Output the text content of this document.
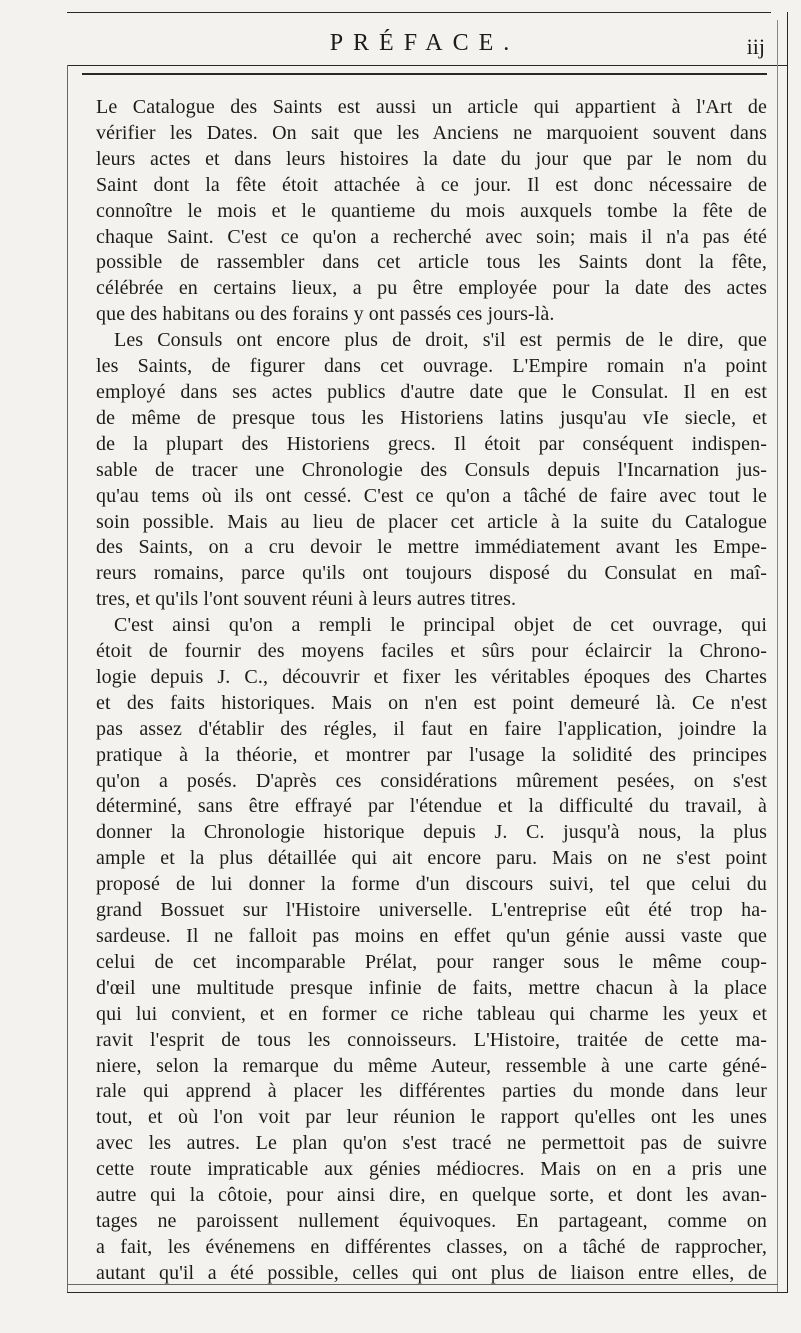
PRÉFACE.	iij

Le Catalogue des Saints est aussi un article qui appartient à l'Art de
vérifier les Dates. On sait que les Anciens ne marquoient souvent dans
leurs actes et dans leurs histoires la date du jour que par le nom du
Saint dont la fête étoit attachée à ce jour. Il est donc nécessaire de
connoître le mois et le quantieme du mois auxquels tombe la fête de
chaque Saint. C'est ce qu'on a recherché avec soin; mais il n'a pas été
possible de rassembler dans cet article tous les Saints dont la fête,
célébrée en certains lieux, a pu être employée pour la date des actes
que des habitans ou des forains y ont passés ces jours-là.

Les Consuls ont encore plus de droit, s'il est permis de le dire, que
les Saints, de figurer dans cet ouvrage. L'Empire romain n'a point
employé dans ses actes publics d'autre date que le Consulat. Il en est
de même de presque tous les Historiens latins jusqu'au vIe siecle, et
de la plupart des Historiens grecs. Il étoit par conséquent indispen-
sable de tracer une Chronologie des Consuls depuis l'Incarnation jus-
qu'au tems où ils ont cessé. C'est ce qu'on a tâché de faire avec tout le
soin possible. Mais au lieu de placer cet article à la suite du Catalogue
des Saints, on a cru devoir le mettre immédiatement avant les Empe-
reurs romains, parce qu'ils ont toujours disposé du Consulat en maî-
tres, et qu'ils l'ont souvent réuni à leurs autres titres.

C'est ainsi qu'on a rempli le principal objet de cet ouvrage, qui
étoit de fournir des moyens faciles et sûrs pour éclaircir la Chrono-
logie depuis J. C., découvrir et fixer les véritables époques des Chartes
et des faits historiques. Mais on n'en est point demeuré là. Ce n'est
pas assez d'établir des régles, il faut en faire l'application, joindre la
pratique à la théorie, et montrer par l'usage la solidité des principes
qu'on a posés. D'après ces considérations mûrement pesées, on s'est
déterminé, sans être effrayé par l'étendue et la difficulté du travail, à
donner la Chronologie historique depuis J. C. jusqu'à nous, la plus
ample et la plus détaillée qui ait encore paru. Mais on ne s'est point
proposé de lui donner la forme d'un discours suivi, tel que celui du
grand Bossuet sur l'Histoire universelle. L'entreprise eût été trop ha-
sardeuse. Il ne falloit pas moins en effet qu'un génie aussi vaste que
celui de cet incomparable Prélat, pour ranger sous le même coup-
d'œil une multitude presque infinie de faits, mettre chacun à la place
qui lui convient, et en former ce riche tableau qui charme les yeux et
ravit l'esprit de tous les connoisseurs. L'Histoire, traitée de cette ma-
niere, selon la remarque du même Auteur, ressemble à une carte géné-
rale qui apprend à placer les différentes parties du monde dans leur
tout, et où l'on voit par leur réunion le rapport qu'elles ont les unes
avec les autres. Le plan qu'on s'est tracé ne permettoit pas de suivre
cette route impraticable aux génies médiocres. Mais on en a pris une
autre qui la côtoie, pour ainsi dire, en quelque sorte, et dont les avan-
tages ne paroissent nullement équivoques. En partageant, comme on
a fait, les événemens en différentes classes, on a tâché de rapprocher,
autant qu'il a été possible, celles qui ont plus de liaison entre elles, de
